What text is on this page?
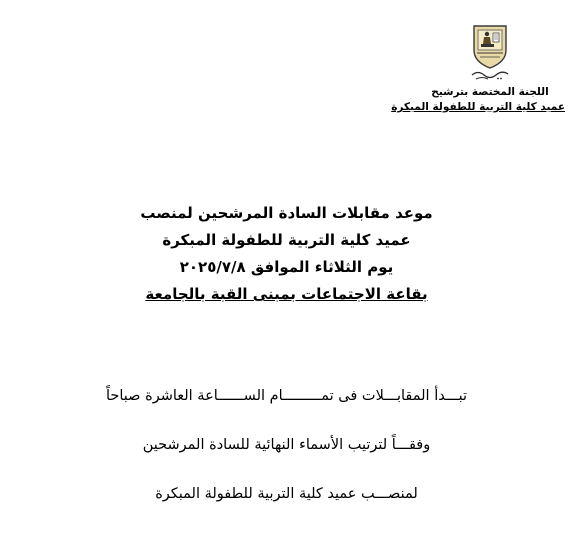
اللجنة المختصة بترشيح
عميد كلية التربية للطفولة المبكرة
موعد مقابلات السادة المرشحين لمنصب
عميد كلية التربية للطفولة المبكرة
يوم الثلاثاء الموافق ٢٠٢٥/٧/٨
بقاعة الاجتماعات بمبنى القبة بالجامعة
تبـــدأ المقابـــلات فى تمـــــــــام الســــــاعة العاشرة صباحاً
وفقـــاً لترتيب الأسماء النهائية للسادة المرشحين
لمنصـــب عميد كلية التربية للطفولة المبكرة
